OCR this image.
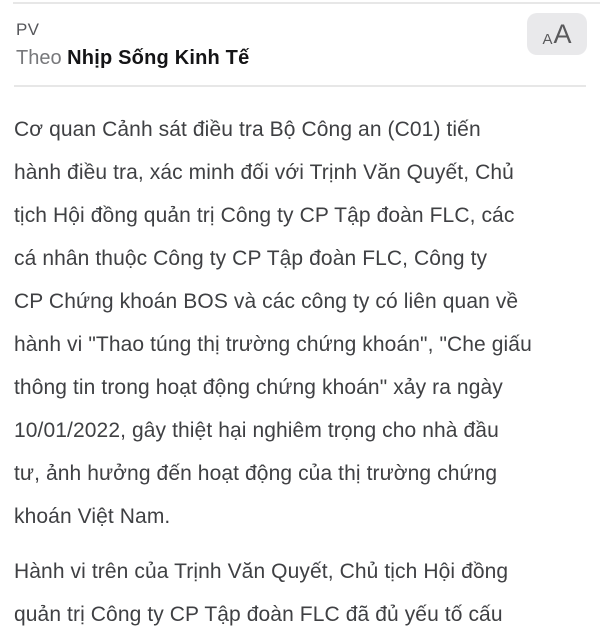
PV
Theo Nhịp Sống Kinh Tế
A A
Cơ quan Cảnh sát điều tra Bộ Công an (C01) tiến
hành điều tra, xác minh đối với Trịnh Văn Quyết, Chủ
tịch Hội đồng quản trị Công ty CP Tập đoàn FLC, các
cá nhân thuộc Công ty CP Tập đoàn FLC, Công ty
CP Chứng khoán BOS và các công ty có liên quan về
hành vi "Thao túng thị trường chứng khoán", "Che giấu
thông tin trong hoạt động chứng khoán" xảy ra ngày
10/01/2022, gây thiệt hại nghiêm trọng cho nhà đầu
tư, ảnh hưởng đến hoạt động của thị trường chứng
khoán Việt Nam.
Hành vi trên của Trịnh Văn Quyết, Chủ tịch Hội đồng
quản trị Công ty CP Tập đoàn FLC đã đủ yếu tố cấu
